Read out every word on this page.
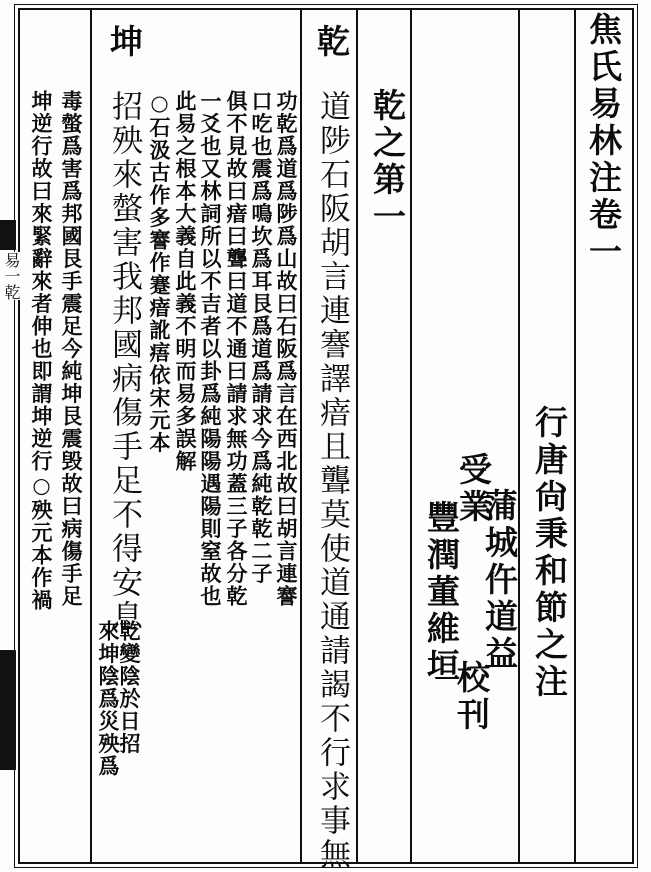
焦氏易林注卷一
行唐尙秉和節之注
蒲城仵道益
受業
豐潤董維垣
校刊
乾之第一
乾
道陟石阪胡言連謇譯瘖且聾莫使道通請謁不行求事無
功乾爲道爲陟爲山故曰石阪爲言在西北故曰胡言連謇
口吃也震爲鳴坎爲耳艮爲道爲請求今爲純乾乾二子
俱不見故曰瘖曰聾曰道不通曰請求無功蓋三子各分乾
一爻也又林詞所以不吉者以卦爲純陽陽遇陽則窒故也
此易之根本大義自此義不明而易多誤解
○石汲古作多謇作蹇瘖訛痦依宋元本
坤
招殃來螫害我邦國病傷手足不得安息
乾變陰於日招
來坤陰爲災殃爲
毒螫爲害爲邦國艮手震足今純坤艮震毁故曰病傷手足
坤逆行故曰來緊辭來者伸也即謂坤逆行○殃元本作禍
易一乾
